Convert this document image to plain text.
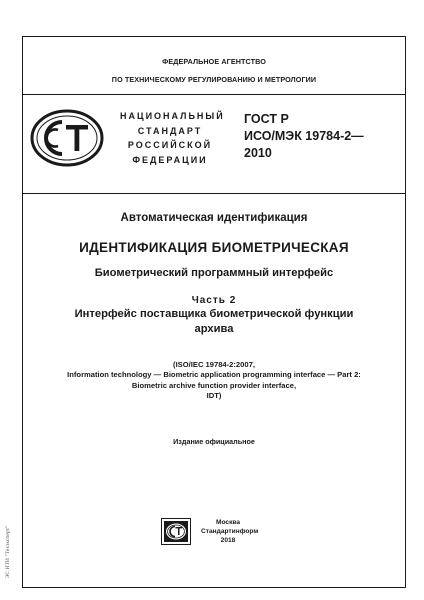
ФЕДЕРАЛЬНОЕ АГЕНТСТВО
ПО ТЕХНИЧЕСКОМУ РЕГУЛИРОВАНИЮ И МЕТРОЛОГИИ
НАЦИОНАЛЬНЫЙ
СТАНДАРТ
РОССИЙСКОЙ
ФЕДЕРАЦИИ
ГОСТ Р
ИСО/МЭК 19784-2—
2010
Автоматическая идентификация
ИДЕНТИФИКАЦИЯ БИОМЕТРИЧЕСКАЯ
Биометрический программный интерфейс
Часть 2
Интерфейс поставщика биометрической функции
архива
(ISO/IEC 19784-2:2007,
Information technology — Biometric application programming interface — Part 2:
Biometric archive function provider interface,
IDT)
Издание официальное
Москва
Стандартинформ
2018
ЭС НТИ "Техэксперт"
